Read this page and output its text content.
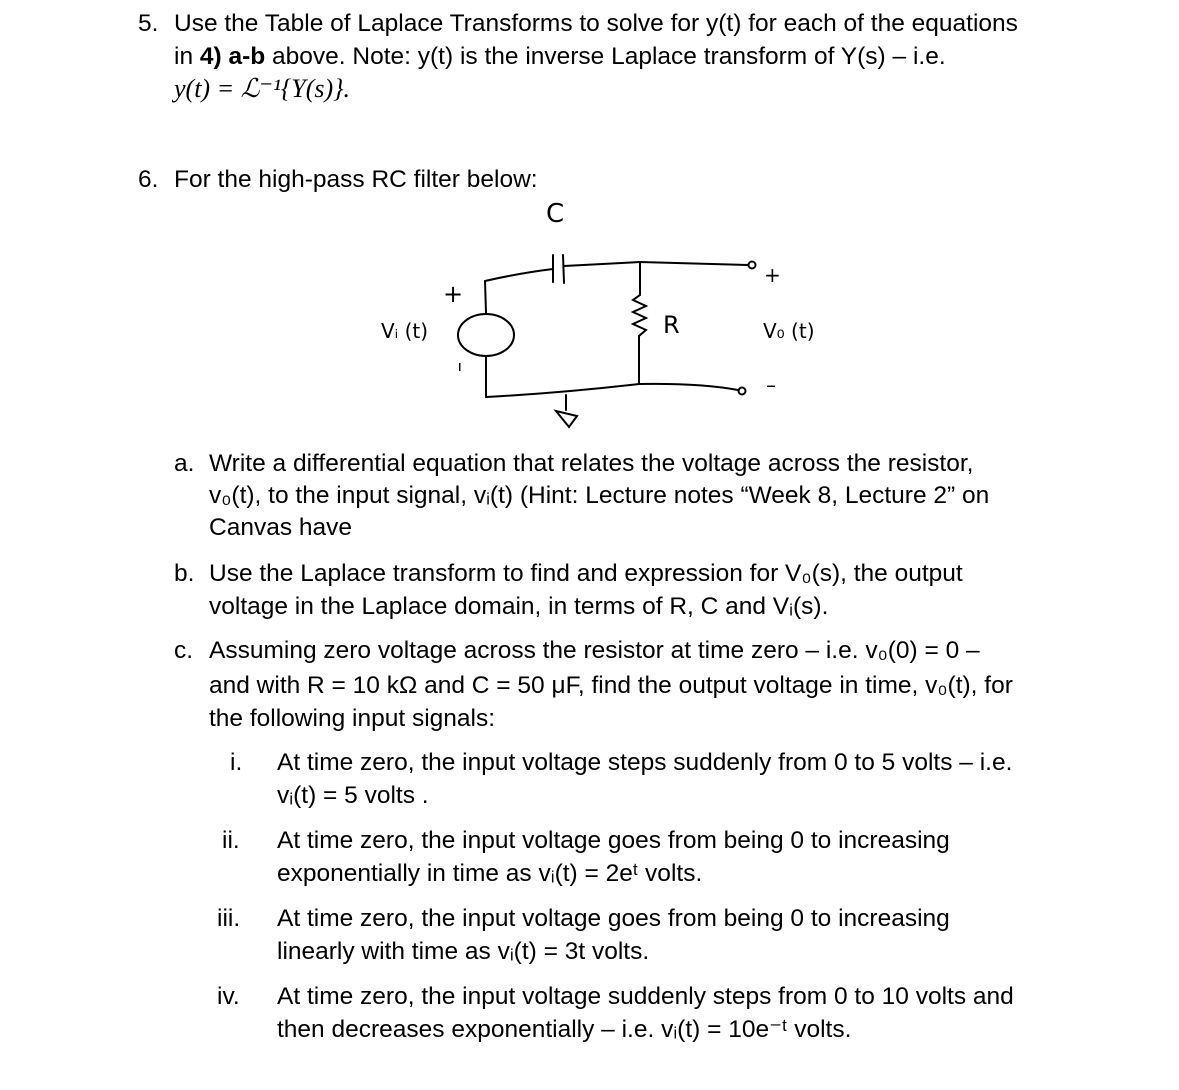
5. Use the Table of Laplace Transforms to solve for y(t) for each of the equations
in 4) a-b above. Note: y(t) is the inverse Laplace transform of Y(s) – i.e.
y(t) = ℒ⁻¹{Y(s)}.
6. For the high-pass RC filter below:
C
R
Vᵢ (t)	V₀ (t)
+
–
+
–
a. Write a differential equation that relates the voltage across the resistor,
v₀(t), to the input signal, vᵢ(t) (Hint: Lecture notes “Week 8, Lecture 2” on
Canvas have
b. Use the Laplace transform to find and expression for V₀(s), the output
voltage in the Laplace domain, in terms of R, C and Vᵢ(s).
c. Assuming zero voltage across the resistor at time zero – i.e. v₀(0) = 0 –
and with R = 10 kΩ and C = 50 μF, find the output voltage in time, v₀(t), for
the following input signals:
i. At time zero, the input voltage steps suddenly from 0 to 5 volts – i.e.
vᵢ(t) = 5 volts .
ii. At time zero, the input voltage goes from being 0 to increasing
exponentially in time as vᵢ(t) = 2eᵗ volts.
iii. At time zero, the input voltage goes from being 0 to increasing
linearly with time as vᵢ(t) = 3t volts.
iv. At time zero, the input voltage suddenly steps from 0 to 10 volts and
then decreases exponentially – i.e. vᵢ(t) = 10e⁻ᵗ volts.
